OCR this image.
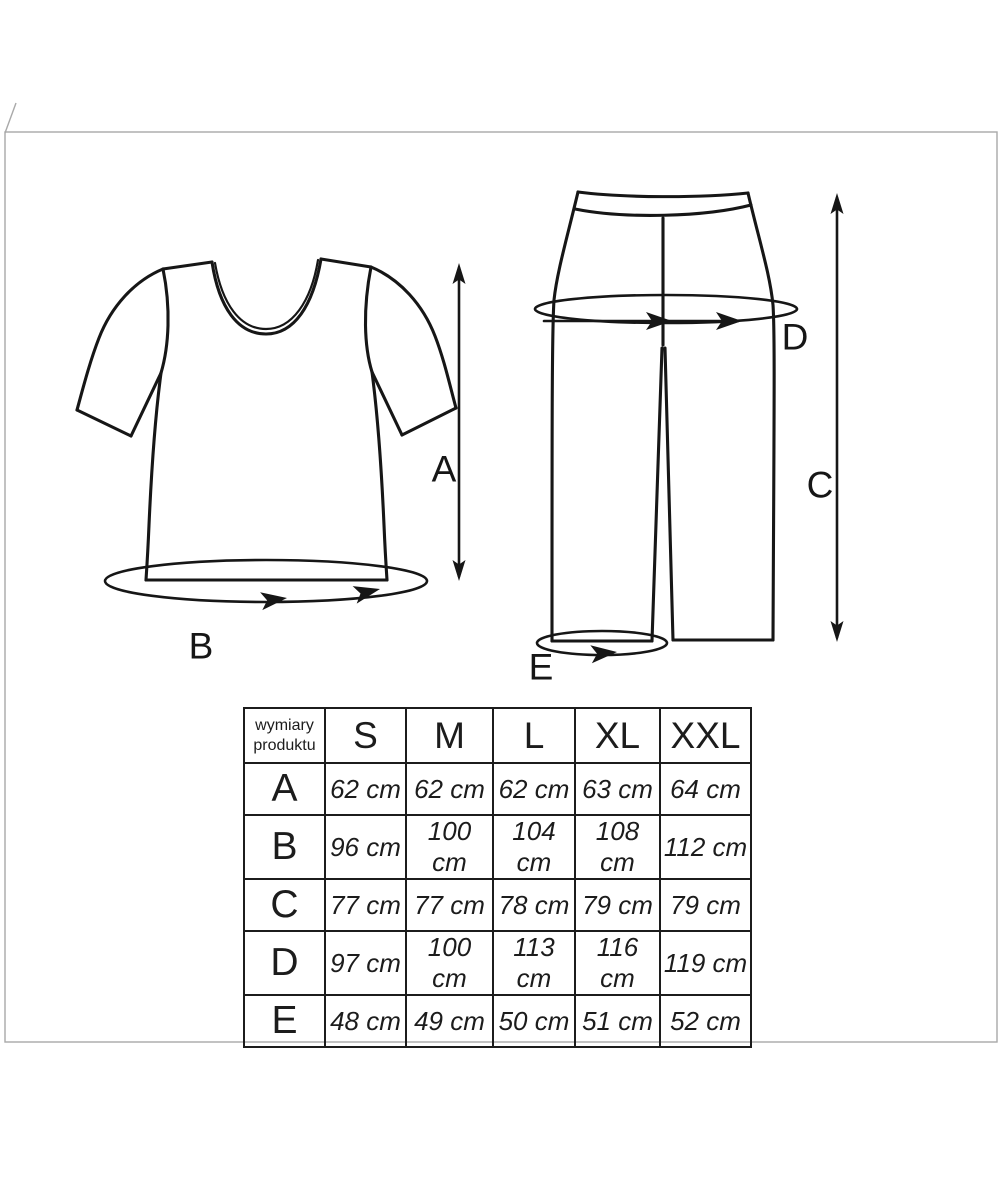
A
B
C
D
E
wymiary produktu	S	M	L	XL	XXL
A	62 cm	62 cm	62 cm	63 cm	64 cm
B	96 cm	100 cm	104 cm	108 cm	112 cm
C	77 cm	77 cm	78 cm	79 cm	79 cm
D	97 cm	100 cm	113 cm	116 cm	119 cm
E	48 cm	49 cm	50 cm	51 cm	52 cm
